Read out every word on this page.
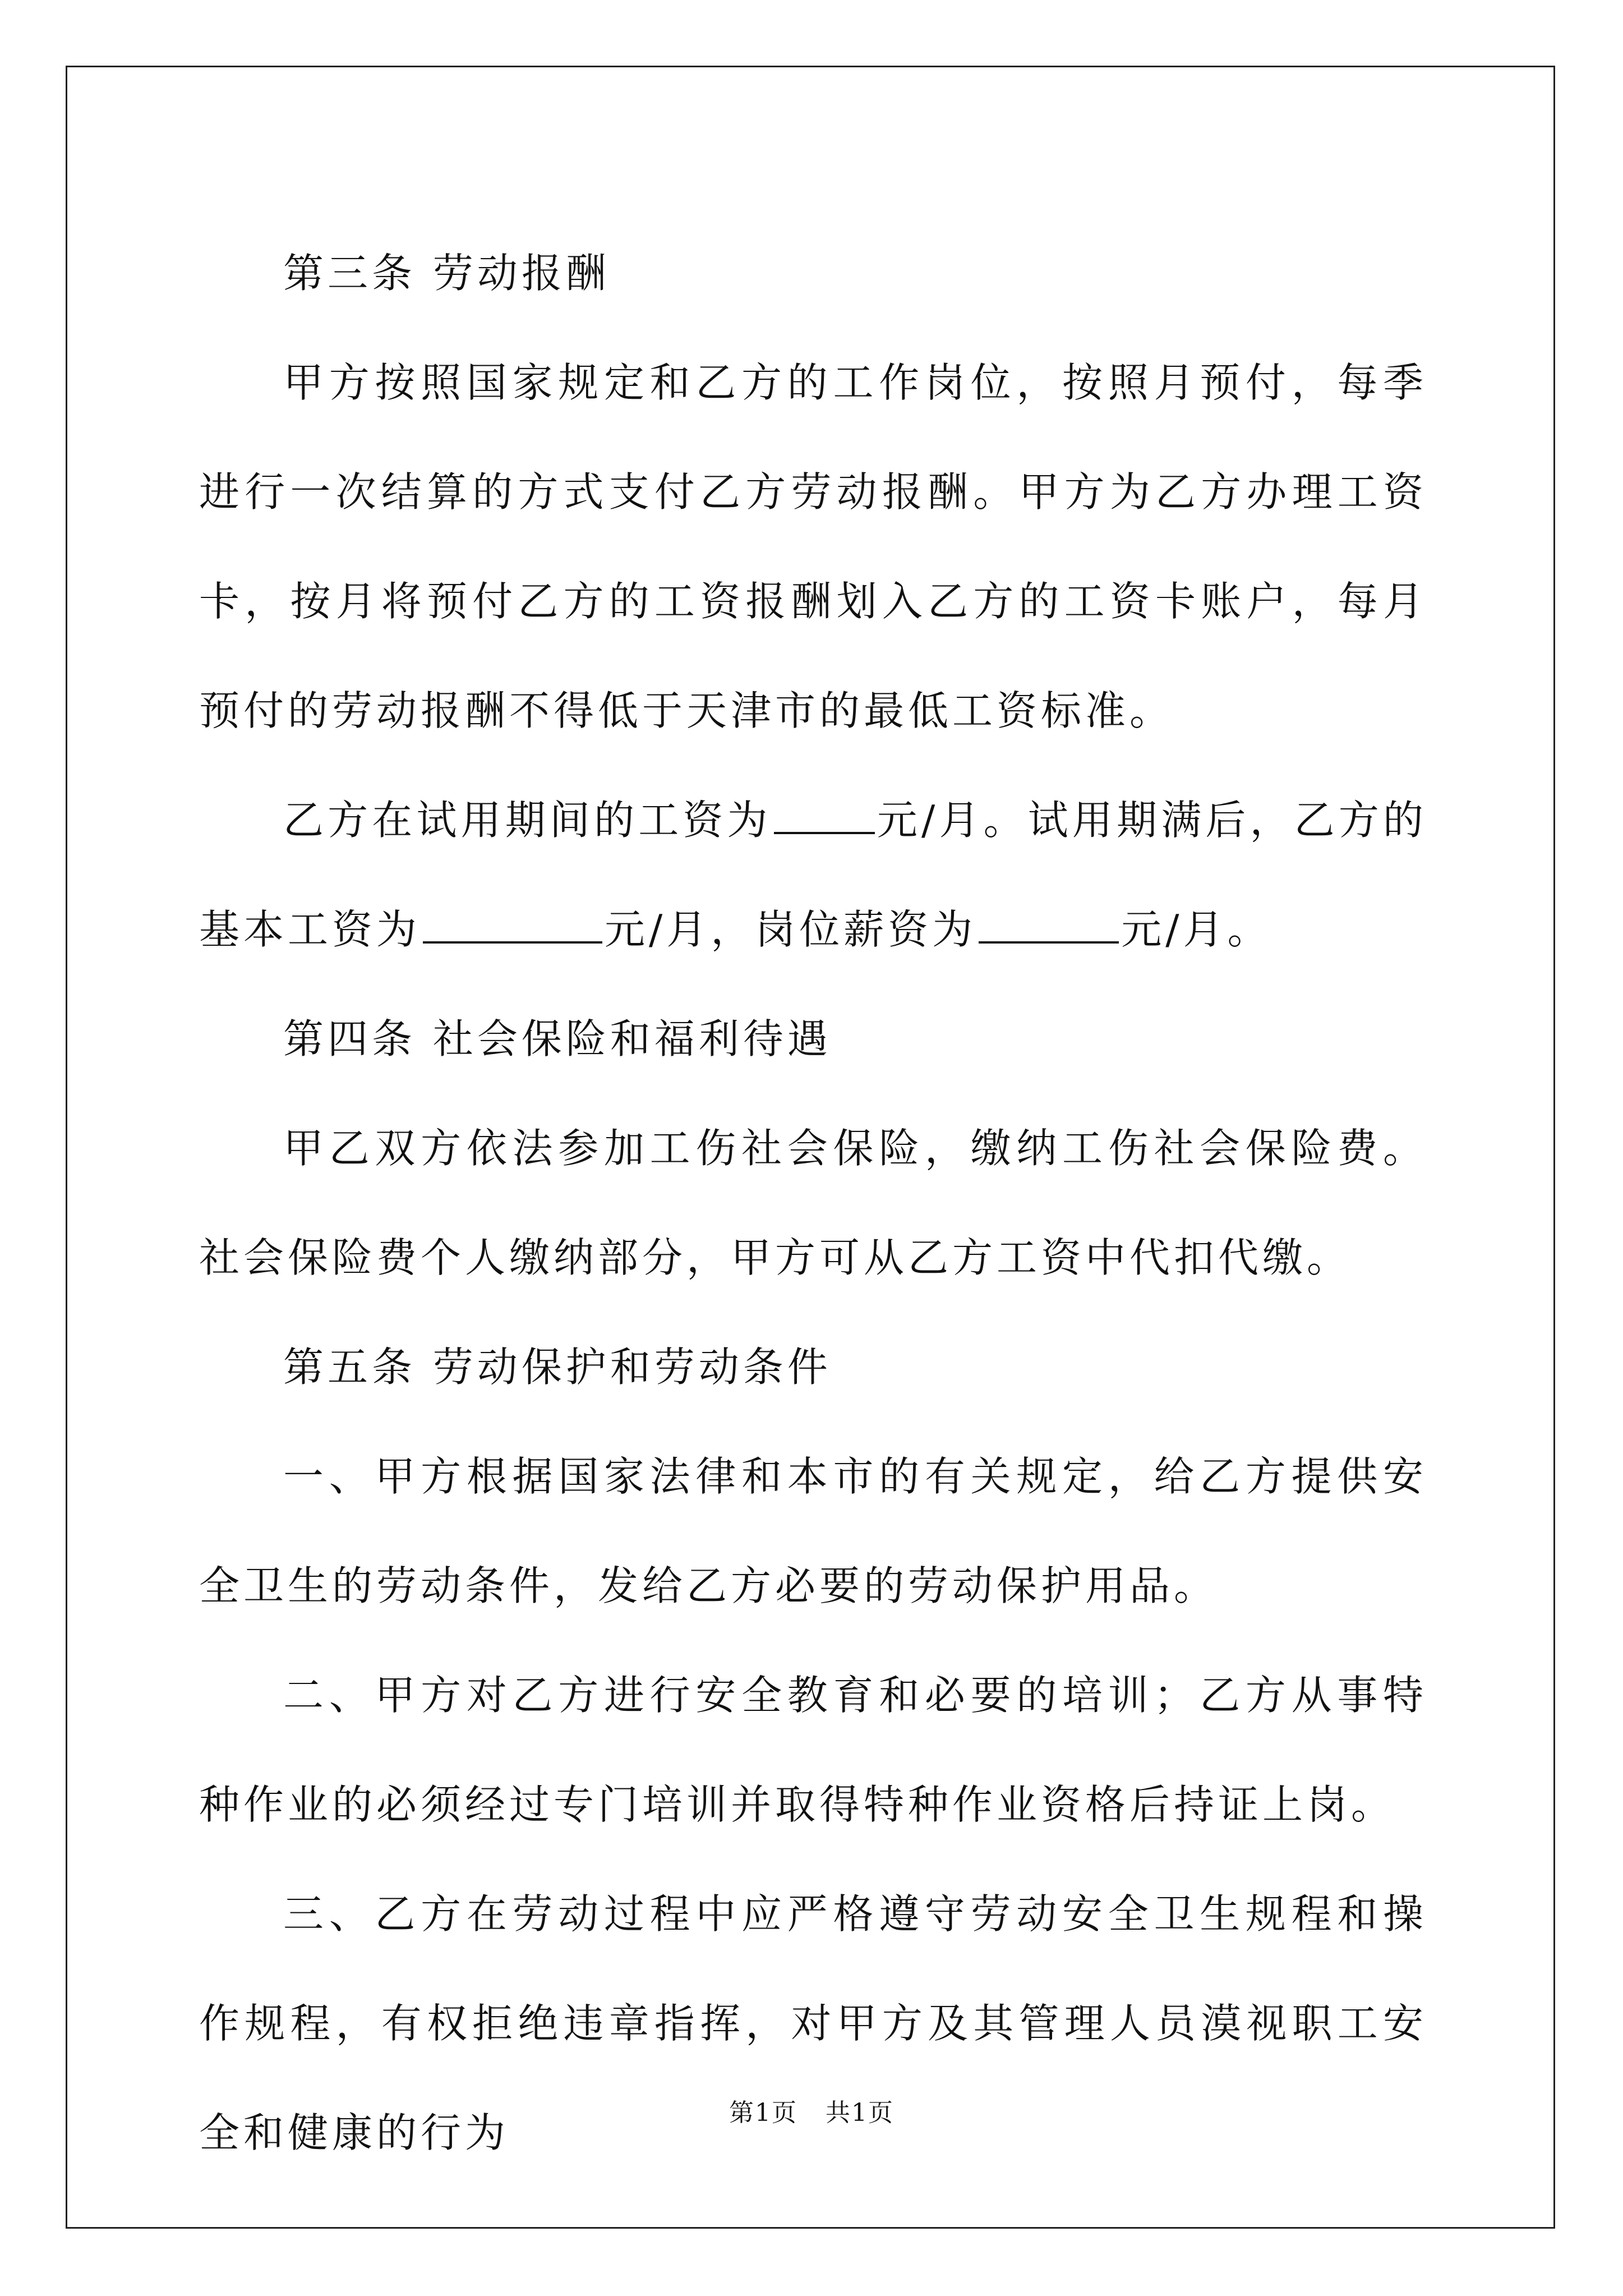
第三条 劳动报酬

甲方按照国家规定和乙方的工作岗位，按照月预付，每季进行一次结算的方式支付乙方劳动报酬。甲方为乙方办理工资卡，按月将预付乙方的工资报酬划入乙方的工资卡账户，每月预付的劳动报酬不得低于天津市的最低工资标准。

乙方在试用期间的工资为	元/月。试用期满后，乙方的基本工资为	元/月，岗位薪资为	元/月。

第四条 社会保险和福利待遇

甲乙双方依法参加工伤社会保险，缴纳工伤社会保险费。社会保险费个人缴纳部分，甲方可从乙方工资中代扣代缴。

第五条 劳动保护和劳动条件

一、甲方根据国家法律和本市的有关规定，给乙方提供安全卫生的劳动条件，发给乙方必要的劳动保护用品。

二、甲方对乙方进行安全教育和必要的培训；乙方从事特种作业的必须经过专门培训并取得特种作业资格后持证上岗。

三、乙方在劳动过程中应严格遵守劳动安全卫生规程和操作规程，有权拒绝违章指挥，对甲方及其管理人员漠视职工安全和健康的行为	第1页 共1页
